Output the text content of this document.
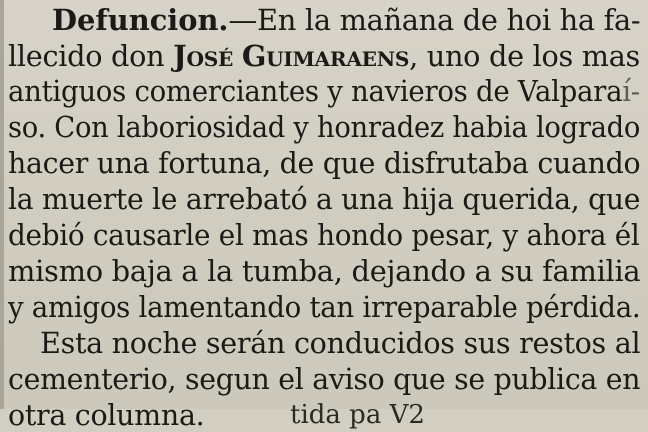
Defuncion.—En la mañana de hoi ha fa-
llecido don José Guimaraens, uno de los mas
antiguos comerciantes y navieros de Valparaí-
so. Con laboriosidad y honradez habia logrado
hacer una fortuna, de que disfrutaba cuando
la muerte le arrebató a una hija querida, que
debió causarle el mas hondo pesar, y ahora él
mismo baja a la tumba, dejando a su familia
y amigos lamentando tan irreparable pérdida.
Esta noche serán conducidos sus restos al
cementerio, segun el aviso que se publica en
otra columna.	tida pa V2
